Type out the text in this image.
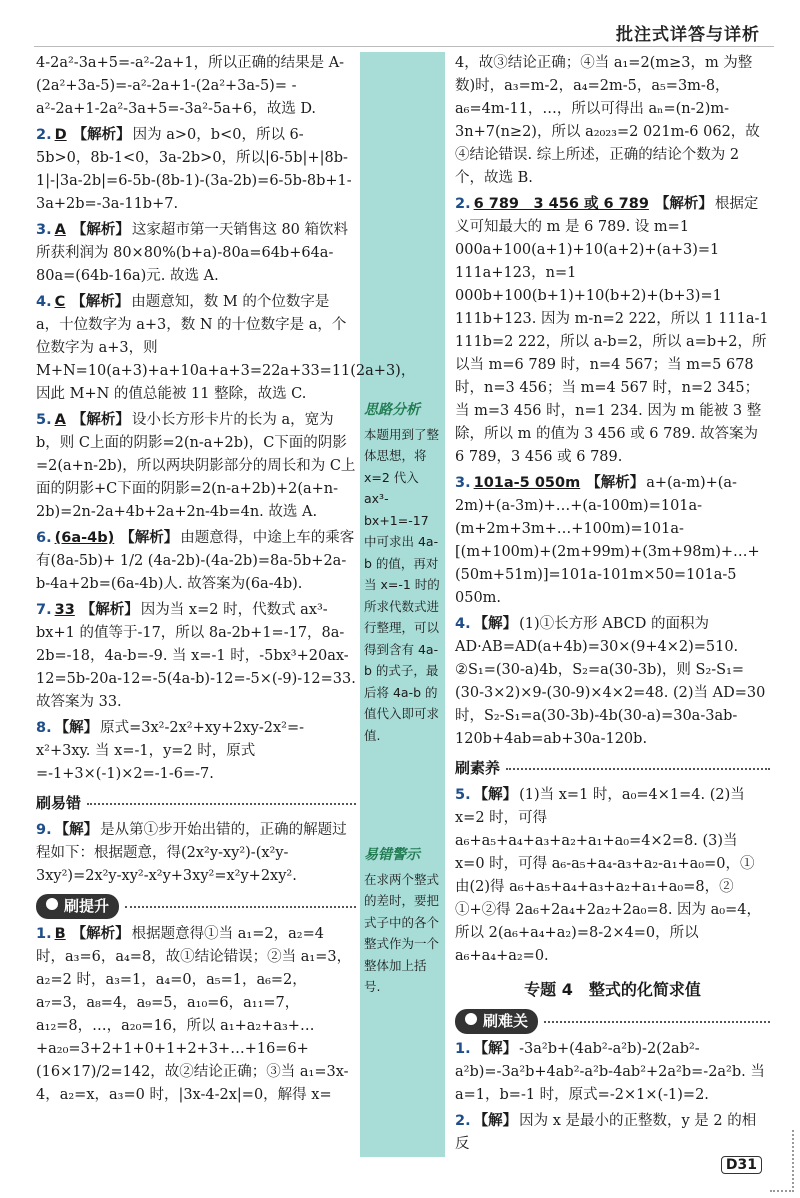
批注式详答与详析
思路分析
本题用到了整体思想，将 x=2 代入 ax³-bx+1=-17 中可求出 4a-b 的值，再对当 x=-1 时的所求代数式进行整理，可以得到含有 4a-b 的式子，最后将 4a-b 的值代入即可求值.
易错警示
在求两个整式的差时，要把式子中的各个整式作为一个整体加上括号.
4-2a²-3a+5=-a²-2a+1，所以正确的结果是 A-(2a²+3a-5)=-a²-2a+1-(2a²+3a-5)= -a²-2a+1-2a²-3a+5=-3a²-5a+6，故选 D.
2. D 【解析】 因为 a>0，b<0，所以 6-5b>0，8b-1<0，3a-2b>0，所以|6-5b|+|8b-1|-|3a-2b|=6-5b-(8b-1)-(3a-2b)=6-5b-8b+1-3a+2b=-3a-11b+7.
3. A 【解析】 这家超市第一天销售这 80 箱饮料所获利润为 80×80%(b+a)-80a=64b+64a-80a=(64b-16a)元. 故选 A.
4. C 【解析】 由题意知，数 M 的个位数字是 a，十位数字为 a+3，数 N 的十位数字是 a，个位数字为 a+3，则 M+N=10(a+3)+a+10a+a+3=22a+33=11(2a+3)，因此 M+N 的值总能被 11 整除，故选 C.
5. A 【解析】 设小长方形卡片的长为 a，宽为 b，则 C上面的阴影=2(n-a+2b)，C下面的阴影=2(a+n-2b)，所以两块阴影部分的周长和为 C上面的阴影+C下面的阴影=2(n-a+2b)+2(a+n-2b)=2n-2a+4b+2a+2n-4b=4n. 故选 A.
6. (6a-4b) 【解析】 由题意得，中途上车的乘客有(8a-5b)+ 1/2 (4a-2b)-(4a-2b)=8a-5b+2a-b-4a+2b=(6a-4b)人. 故答案为(6a-4b).
7. 33 【解析】 因为当 x=2 时，代数式 ax³-bx+1 的值等于-17，所以 8a-2b+1=-17，8a-2b=-18，4a-b=-9. 当 x=-1 时，-5bx³+20ax-12=5b-20a-12=-5(4a-b)-12=-5×(-9)-12=33. 故答案为 33.
8. 【解】 原式=3x²-2x²+xy+2xy-2x²=-x²+3xy. 当 x=-1，y=2 时，原式=-1+3×(-1)×2=-1-6=-7.
刷易错
9. 【解】 是从第①步开始出错的，正确的解题过程如下：根据题意，得(2x²y-xy²)-(x²y-3xy²)=2x²y-xy²-x²y+3xy²=x²y+2xy².
刷提升
1. B 【解析】 根据题意得①当 a₁=2，a₂=4 时，a₃=6，a₄=8，故①结论错误；②当 a₁=3，a₂=2 时，a₃=1，a₄=0，a₅=1，a₆=2，a₇=3，a₈=4，a₉=5，a₁₀=6，a₁₁=7，a₁₂=8，…，a₂₀=16，所以 a₁+a₂+a₃+…+a₂₀=3+2+1+0+1+2+3+…+16=6+(16×17)/2=142，故②结论正确；③当 a₁=3x-4，a₂=x，a₃=0 时，|3x-4-2x|=0，解得 x=
4，故③结论正确；④当 a₁=2(m≥3，m 为整数)时，a₃=m-2，a₄=2m-5，a₅=3m-8，a₆=4m-11，…，所以可得出 aₙ=(n-2)m-3n+7(n≥2)，所以 a₂₀₂₃=2 021m-6 062，故④结论错误. 综上所述，正确的结论个数为 2 个，故选 B.
2. 6 789　3 456 或 6 789 【解析】 根据定义可知最大的 m 是 6 789. 设 m=1 000a+100(a+1)+10(a+2)+(a+3)=1 111a+123，n=1 000b+100(b+1)+10(b+2)+(b+3)=1 111b+123. 因为 m-n=2 222，所以 1 111a-1 111b=2 222，所以 a-b=2，所以 a=b+2，所以当 m=6 789 时，n=4 567；当 m=5 678 时，n=3 456；当 m=4 567 时，n=2 345；当 m=3 456 时，n=1 234. 因为 m 能被 3 整除，所以 m 的值为 3 456 或 6 789. 故答案为 6 789，3 456 或 6 789.
3. 101a-5 050m 【解析】 a+(a-m)+(a-2m)+(a-3m)+…+(a-100m)=101a-(m+2m+3m+…+100m)=101a-[(m+100m)+(2m+99m)+(3m+98m)+…+(50m+51m)]=101a-101m×50=101a-5 050m.
4. 【解】 (1)①长方形 ABCD 的面积为 AD·AB=AD(a+4b)=30×(9+4×2)=510. ②S₁=(30-a)4b，S₂=a(30-3b)，则 S₂-S₁=(30-3×2)×9-(30-9)×4×2=48. (2)当 AD=30 时，S₂-S₁=a(30-3b)-4b(30-a)=30a-3ab-120b+4ab=ab+30a-120b.
刷素养
5. 【解】 (1)当 x=1 时，a₀=4×1=4. (2)当 x=2 时，可得 a₆+a₅+a₄+a₃+a₂+a₁+a₀=4×2=8. (3)当 x=0 时，可得 a₆-a₅+a₄-a₃+a₂-a₁+a₀=0，① 由(2)得 a₆+a₅+a₄+a₃+a₂+a₁+a₀=8，② ①+②得 2a₆+2a₄+2a₂+2a₀=8. 因为 a₀=4，所以 2(a₆+a₄+a₂)=8-2×4=0，所以 a₆+a₄+a₂=0.
专题 4　整式的化简求值
刷难关
1. 【解】 -3a²b+(4ab²-a²b)-2(2ab²-a²b)=-3a²b+4ab²-a²b-4ab²+2a²b=-2a²b. 当 a=1，b=-1 时，原式=-2×1×(-1)=2.
2. 【解】 因为 x 是最小的正整数，y 是 2 的相反
D31
